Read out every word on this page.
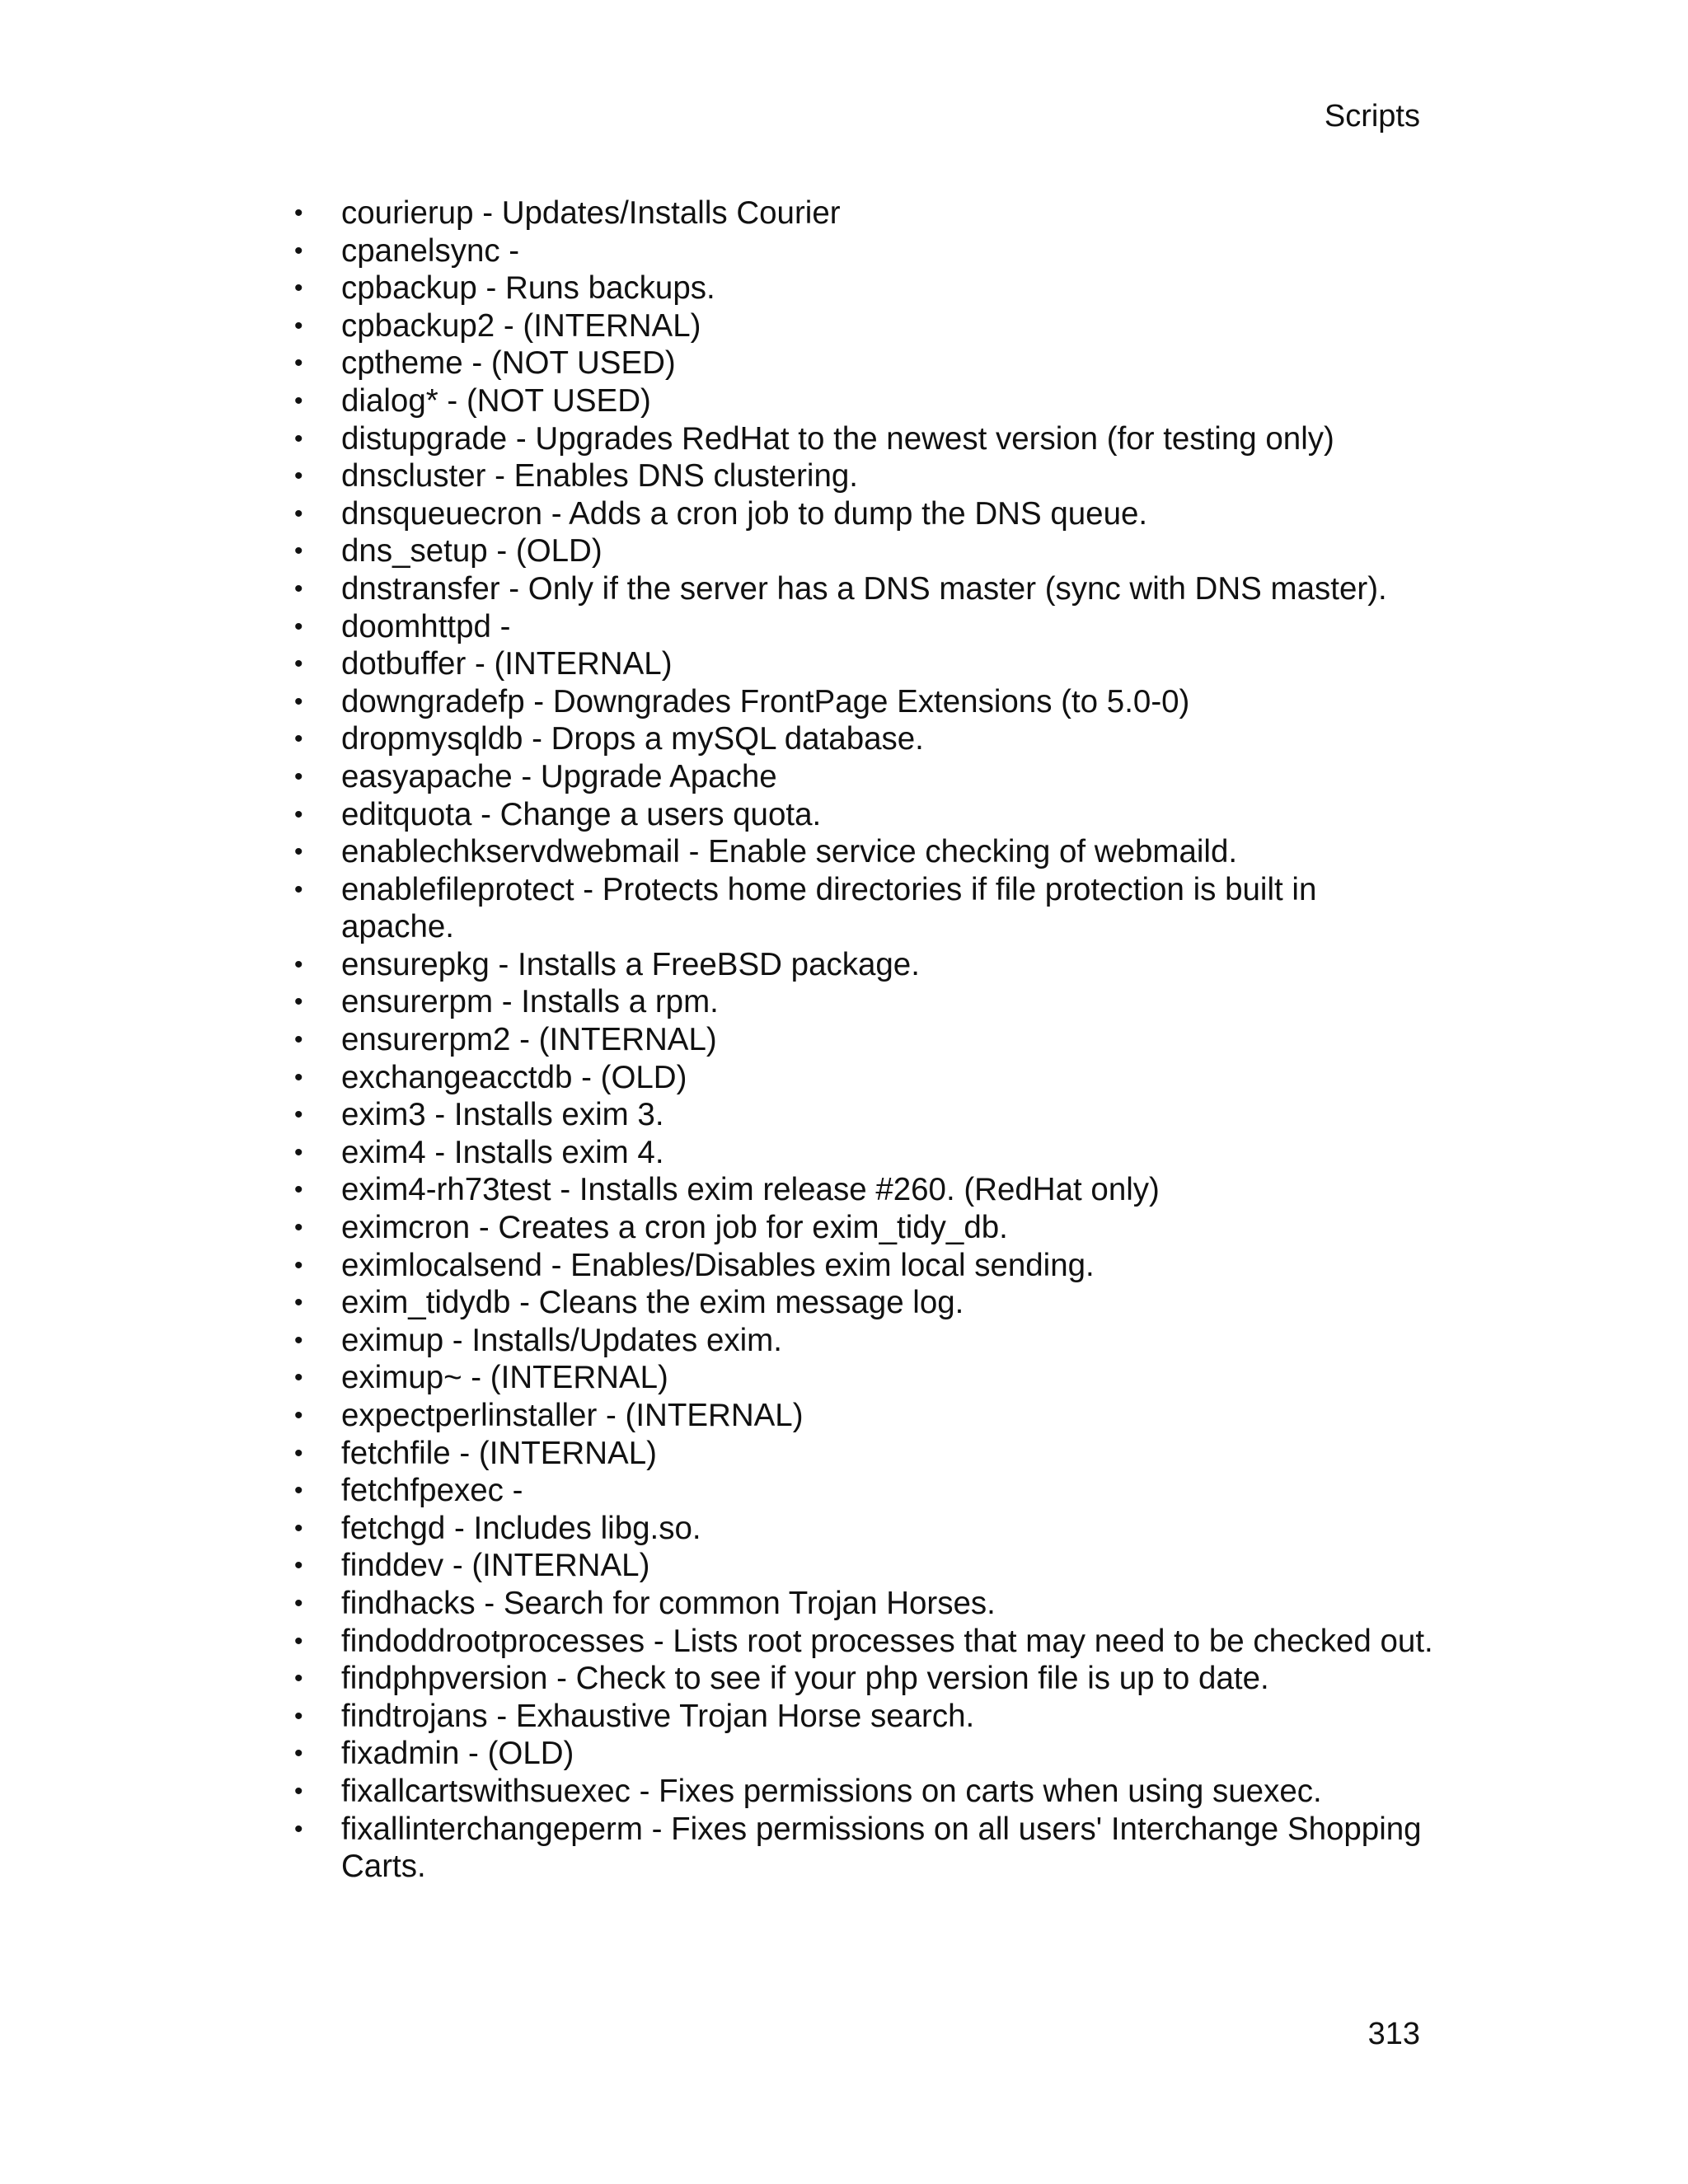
Scripts
• courierup - Updates/Installs Courier
• cpanelsync -
• cpbackup - Runs backups.
• cpbackup2 - (INTERNAL)
• cptheme - (NOT USED)
• dialog* - (NOT USED)
• distupgrade - Upgrades RedHat to the newest version (for testing only)
• dnscluster - Enables DNS clustering.
• dnsqueuecron - Adds a cron job to dump the DNS queue.
• dns_setup - (OLD)
• dnstransfer - Only if the server has a DNS master (sync with DNS master).
• doomhttpd -
• dotbuffer - (INTERNAL)
• downgradefp - Downgrades FrontPage Extensions (to 5.0-0)
• dropmysqldb - Drops a mySQL database.
• easyapache - Upgrade Apache
• editquota - Change a users quota.
• enablechkservdwebmail - Enable service checking of webmaild.
• enablefileprotect - Protects home directories if file protection is built in apache.
• ensurepkg - Installs a FreeBSD package.
• ensurerpm - Installs a rpm.
• ensurerpm2 - (INTERNAL)
• exchangeacctdb - (OLD)
• exim3 - Installs exim 3.
• exim4 - Installs exim 4.
• exim4-rh73test - Installs exim release #260. (RedHat only)
• eximcron - Creates a cron job for exim_tidy_db.
• eximlocalsend - Enables/Disables exim local sending.
• exim_tidydb - Cleans the exim message log.
• eximup - Installs/Updates exim.
• eximup~ - (INTERNAL)
• expectperlinstaller - (INTERNAL)
• fetchfile - (INTERNAL)
• fetchfpexec -
• fetchgd - Includes libg.so.
• finddev - (INTERNAL)
• findhacks - Search for common Trojan Horses.
• findoddrootprocesses - Lists root processes that may need to be checked out.
• findphpversion - Check to see if your php version file is up to date.
• findtrojans - Exhaustive Trojan Horse search.
• fixadmin - (OLD)
• fixallcartswithsuexec - Fixes permissions on carts when using suexec.
• fixallinterchangeperm - Fixes permissions on all users' Interchange Shopping Carts.
313
